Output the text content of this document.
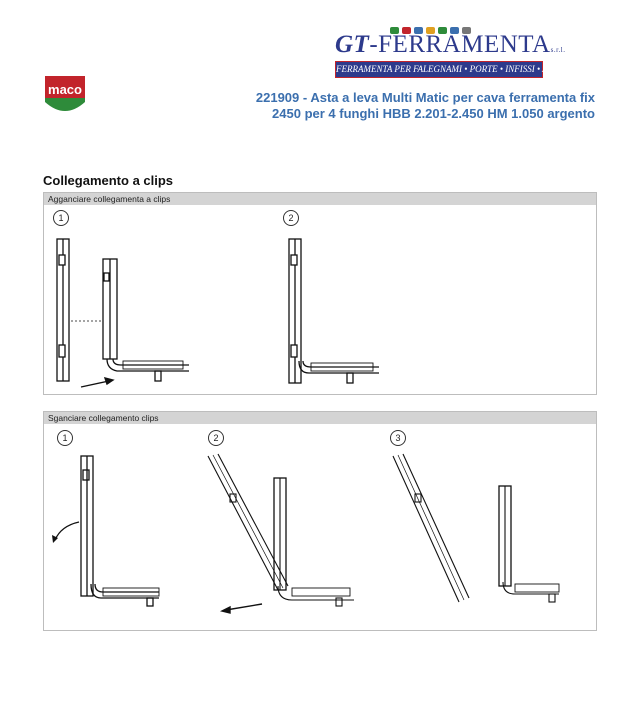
maco
GT-FERRAMENTAs.r.l.
FERRAMENTA PER FALEGNAMI • PORTE • INFISSI • ARREDI
221909 - Asta a leva Multi Matic per cava ferramenta fix
2450 per 4 funghi HBB 2.201-2.450 HM 1.050 argento
Collegamento a clips
Agganciare collegamenta a clips
1	2
Sganciare collegamento clips
1	2	3
